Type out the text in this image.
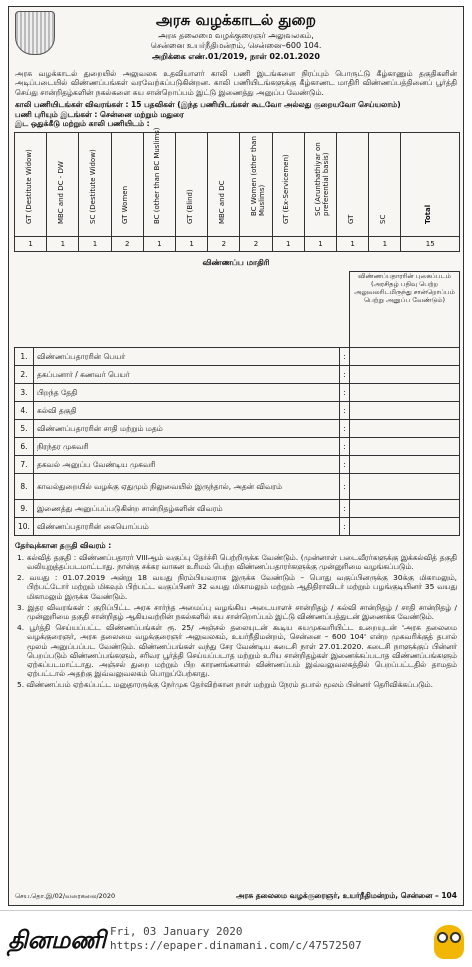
அரசு வழக்காடல் துறை
அரசு தலைமை வழக்குரைஞர் அலுவலகம்,
சென்னை உயர்நீதிமன்றம், சென்னை–600 104.
அறிக்கை எண்.01/2019, நாள் 02.01.2020
அரசு வழக்காடல் துறையில் அலுவலக உதவியாளர் காலி பணி இடங்களை நிரப்பும் பொருட்டு கீழ்காணும் தகுதிகளின் அடிப்படையில் விண்ணப்பங்கள் வரவேற்கப்படுகின்றன. காலி பணியிடங்களுக்கு கீழ்காணட மாதிரி விண்ணப்பத்தினைப் பூர்த்தி செய்து சான்றிதழ்களின் நகல்களை சுய சான்றொப்பம் இட்டு இணைத்து அனுப்ப வேண்டும்.
காலி பணியிடங்கள் விவரங்கள் : 15 பதவிகள் (இந்த பணியிடங்கள் கூடவோ அல்லது குறையவோ செய்யலாம்)
பணி புரியும் இடங்கள் : சென்னை மற்றும் மதுரை
இட ஒதுக்கீடு மற்றும் காலி பணியிடம் :
GT (Destitute Widow)	MBC and DC - DW	SC (Destitute Widow)	GT Women	BC (other than BC Muslims)	GT (Blind)	MBC and DC	BC Women (other than Muslims)	GT (Ex-Servicemen)	SC (Arunthathiyar on preferential basis)	GT	SC	Total

1	1	1	2	1	1	2	2	1	1	1	1	15
விண்ணப்ப மாதிரி
			விண்ணப்பதாரரின் புகைப்படம் (அரசிதழ் பதிவு பெற்ற அலுவலரிடமிருந்து சான்றொப்பம் பெற்று அனுப்ப வேண்டும்)
1.	விண்ணப்பதாரரின் பெயர்	:	
2.	தகப்பனார் / கணவர் பெயர்	:	
3.	பிறந்த தேதி	:	
4.	கல்வி தகுதி	:	
5.	விண்ணப்பதாரரின் சாதி மற்றும் மதம்	:	
6.	நிரந்தர முகவரி	:	
7.	தகவல் அனுப்ப வேண்டிய முகவரி	:	
8.	காவல்துறையில் வழக்கு ஏதுமும் நிலுவையில் இருந்தால், அதன் விவரம்	:	
9.	இணைத்து அனுப்பப்படுகின்ற சான்றிதழ்களின் விவரம்	:	
10.	விண்ணப்பதாரரின் கையொப்பம்	:	
தேர்வுக்கான தகுதி விவரம் :
1. கல்வித் தகுதி : விண்ணப்பதாரர் VIIIஆம் வகுப்பு தேர்ச்சி பெற்றிருக்க வேண்டும். (முன்னாள் படைவீரர்களுக்கு இக்கல்வித் தகுதி வலியுறுத்தப்படமாட்டாது. நான்கு சக்கர வாகன உரிமம் பெற்ற விண்ணப்பதாரர்களுக்கு முன்னுரிமை வழங்கப்படும்.
2. வயது : 01.07.2019 அன்று 18 வயது நிரம்பியவராக இருக்க வேண்டும் – பொது வகுப்பினருக்கு 30க்கு மிகாமலும், பிற்பட்டோர் மற்றும் மிகவும் பிற்பட்ட வகுப்பினர் 32 வயது மிகாமலும் மற்றும் ஆதிதிராவிடர் மற்றும் பழங்குடியினர் 35 வயது மிகாமலும் இருக்க வேண்டும்.
3. இதர விவரங்கள் : குறிப்பிட்ட அரசு சார்ந்த அமைப்பு வழங்கிய அடையாளச் சான்றிதழ் / கல்வி சான்றிதழ் / சாதி சான்றிதழ் / முன்னுரிமை தகுதி சான்றிதழ் ஆகியவற்றின் நகல்களில் சுய சான்றொப்பம் இட்டு விண்ணப்பத்துடன் இணைக்க வேண்டும்.
4. பூர்த்தி செய்யப்பட்ட விண்ணப்பங்கள் ரூ. 25/ அஞ்சல் தலையுடன் கூடிய சுயமுகவரியிட்ட உறையுடன் 'அரசு தலைமை வழக்குரைஞர், அரசு தலைமை வழக்குரைஞர் அலுவலகம், உயர்நீதிமன்றம், சென்னை – 600 104' என்ற முகவரிக்குத் தபால் மூலம் அனுப்பப்பட வேண்டும். விண்ணப்பங்கள் வந்து சேர வேண்டிய கடைசி நாள் 27.01.2020. கடைசி நாளுக்குப் பின்னர் பெறப்படும் விண்ணப்பங்களும், சரிவர பூர்த்தி செய்யப்படாத மற்றும் உரிய சான்றிதழ்கள் இணைக்கப்படாத விண்ணப்பங்களும் ஏற்கப்படமாட்டாது. அஞ்சல் துறை மற்றும் பிற காரணங்களால் விண்ணப்பம் இவ்வலுவலகத்தில் பெறப்பட்டதில் தாமதம் ஏற்பட்டால் அதற்கு இவ்வலுவலகம் பொறுப்பேற்காது.
5. விண்ணப்பம் ஏற்கப்பட்ட மனுதாரருக்கு நேர்முக தேர்விற்கான நாள் மற்றும் நேரம் தபால் மூலம் பின்னர் தெரிவிக்கப்படும்.
செய.தொ.இ/02/வரைகலை/2020	அரசு தலைமை வழக்குரைஞர், உயர்நீதிமன்றம், சென்னை – 104
தினமணி Fri, 03 January 2020
https://epaper.dinamani.com/c/47572507
